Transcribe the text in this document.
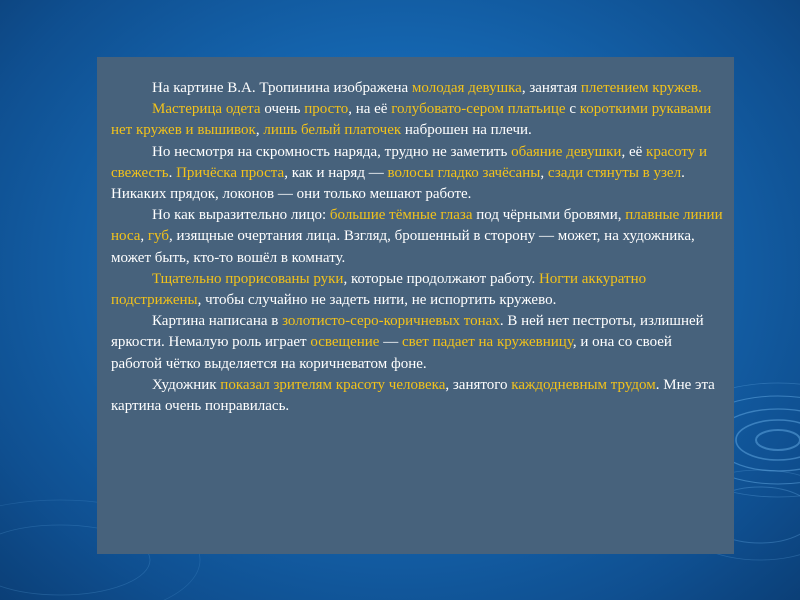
На картине В.А. Тропинина изображена молодая девушка, занятая плетением кружев.

Мастерица одета очень просто, на её голубовато-сером платьице с короткими рукавами нет кружев и вышивок, лишь белый платочек наброшен на плечи.

Но несмотря на скромность наряда, трудно не заметить обаяние девушки, её красоту и свежесть. Причёска проста, как и наряд — волосы гладко зачёсаны, сзади стянуты в узел. Никаких прядок, локонов — они только мешают работе.

Но как выразительно лицо: большие тёмные глаза под чёрными бровями, плавные линии носа, губ, изящные очертания лица. Взгляд, брошенный в сторону — может, на художника, может быть, кто-то вошёл в комнату.

Тщательно прорисованы руки, которые продолжают работу. Ногти аккуратно подстрижены, чтобы случайно не задеть нити, не испортить кружево.

Картина написана в золотисто-серо-коричневых тонах. В ней нет пестроты, излишней яркости. Немалую роль играет освещение — свет падает на кружевницу, и она со своей работой чётко выделяется на коричневатом фоне.

Художник показал зрителям красоту человека, занятого каждодневным трудом. Мне эта картина очень понравилась.
